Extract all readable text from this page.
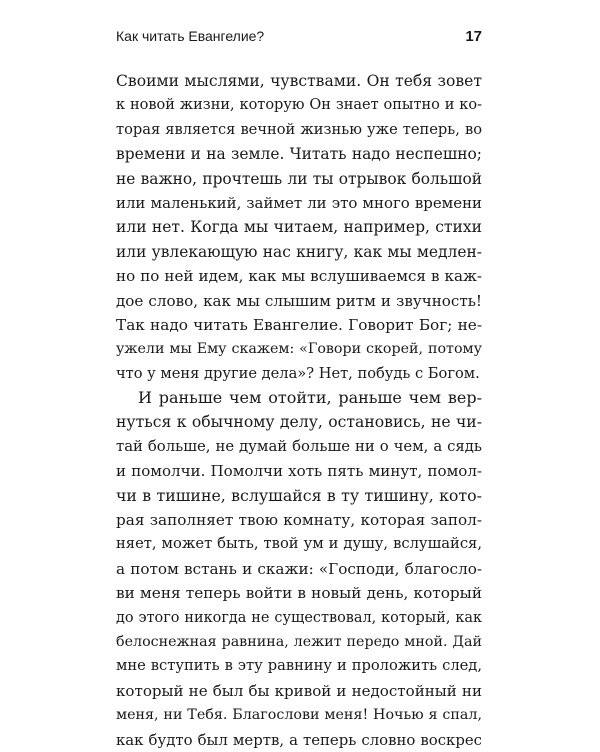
Как читать Евангелие?	17
Своими мыслями, чувствами. Он тебя зовет
к новой жизни, которую Он знает опытно и ко-
торая является вечной жизнью уже теперь, во
времени и на земле. Читать надо неспешно;
не важно, прочтешь ли ты отрывок большой
или маленький, займет ли это много времени
или нет. Когда мы читаем, например, стихи
или увлекающую нас книгу, как мы медлен-
но по ней идем, как мы вслушиваемся в каж-
дое слово, как мы слышим ритм и звучность!
Так надо читать Евангелие. Говорит Бог; не-
ужели мы Ему скажем: «Говори скорей, потому
что у меня другие дела»? Нет, побудь с Богом.
И раньше чем отойти, раньше чем вер-
нуться к обычному делу, остановись, не чи-
тай больше, не думай больше ни о чем, а сядь
и помолчи. Помолчи хоть пять минут, помол-
чи в тишине, вслушайся в ту тишину, кото-
рая заполняет твою комнату, которая запол-
няет, может быть, твой ум и душу, вслушайся,
а потом встань и скажи: «Господи, благосло-
ви меня теперь войти в новый день, который
до этого никогда не существовал, который, как
белоснежная равнина, лежит передо мной. Дай
мне вступить в эту равнину и проложить след,
который не был бы кривой и недостойный ни
меня, ни Тебя. Благослови меня! Ночью я спал,
как будто был мертв, а теперь словно воскрес
